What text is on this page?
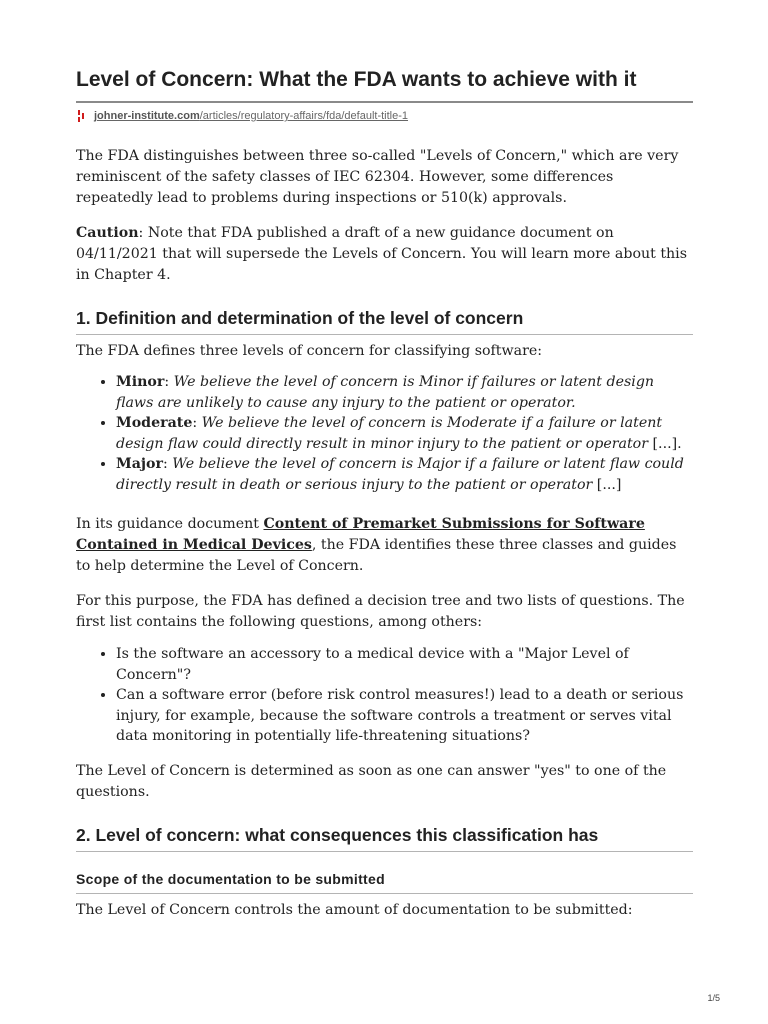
Level of Concern: What the FDA wants to achieve with it
johner-institute.com/articles/regulatory-affairs/fda/default-title-1

The FDA distinguishes between three so-called "Levels of Concern," which are very reminiscent of the safety classes of IEC 62304. However, some differences repeatedly lead to problems during inspections or 510(k) approvals.

Caution: Note that FDA published a draft of a new guidance document on 04/11/2021 that will supersede the Levels of Concern. You will learn more about this in Chapter 4.

1. Definition and determination of the level of concern

The FDA defines three levels of concern for classifying software:

• Minor: We believe the level of concern is Minor if failures or latent design flaws are unlikely to cause any injury to the patient or operator.
• Moderate: We believe the level of concern is Moderate if a failure or latent design flaw could directly result in minor injury to the patient or operator [...].
• Major: We believe the level of concern is Major if a failure or latent flaw could directly result in death or serious injury to the patient or operator [...]

In its guidance document Content of Premarket Submissions for Software Contained in Medical Devices, the FDA identifies these three classes and guides to help determine the Level of Concern.

For this purpose, the FDA has defined a decision tree and two lists of questions. The first list contains the following questions, among others:

• Is the software an accessory to a medical device with a "Major Level of Concern"?
• Can a software error (before risk control measures!) lead to a death or serious injury, for example, because the software controls a treatment or serves vital data monitoring in potentially life-threatening situations?

The Level of Concern is determined as soon as one can answer "yes" to one of the questions.

2. Level of concern: what consequences this classification has
Scope of the documentation to be submitted

The Level of Concern controls the amount of documentation to be submitted:

1/5
